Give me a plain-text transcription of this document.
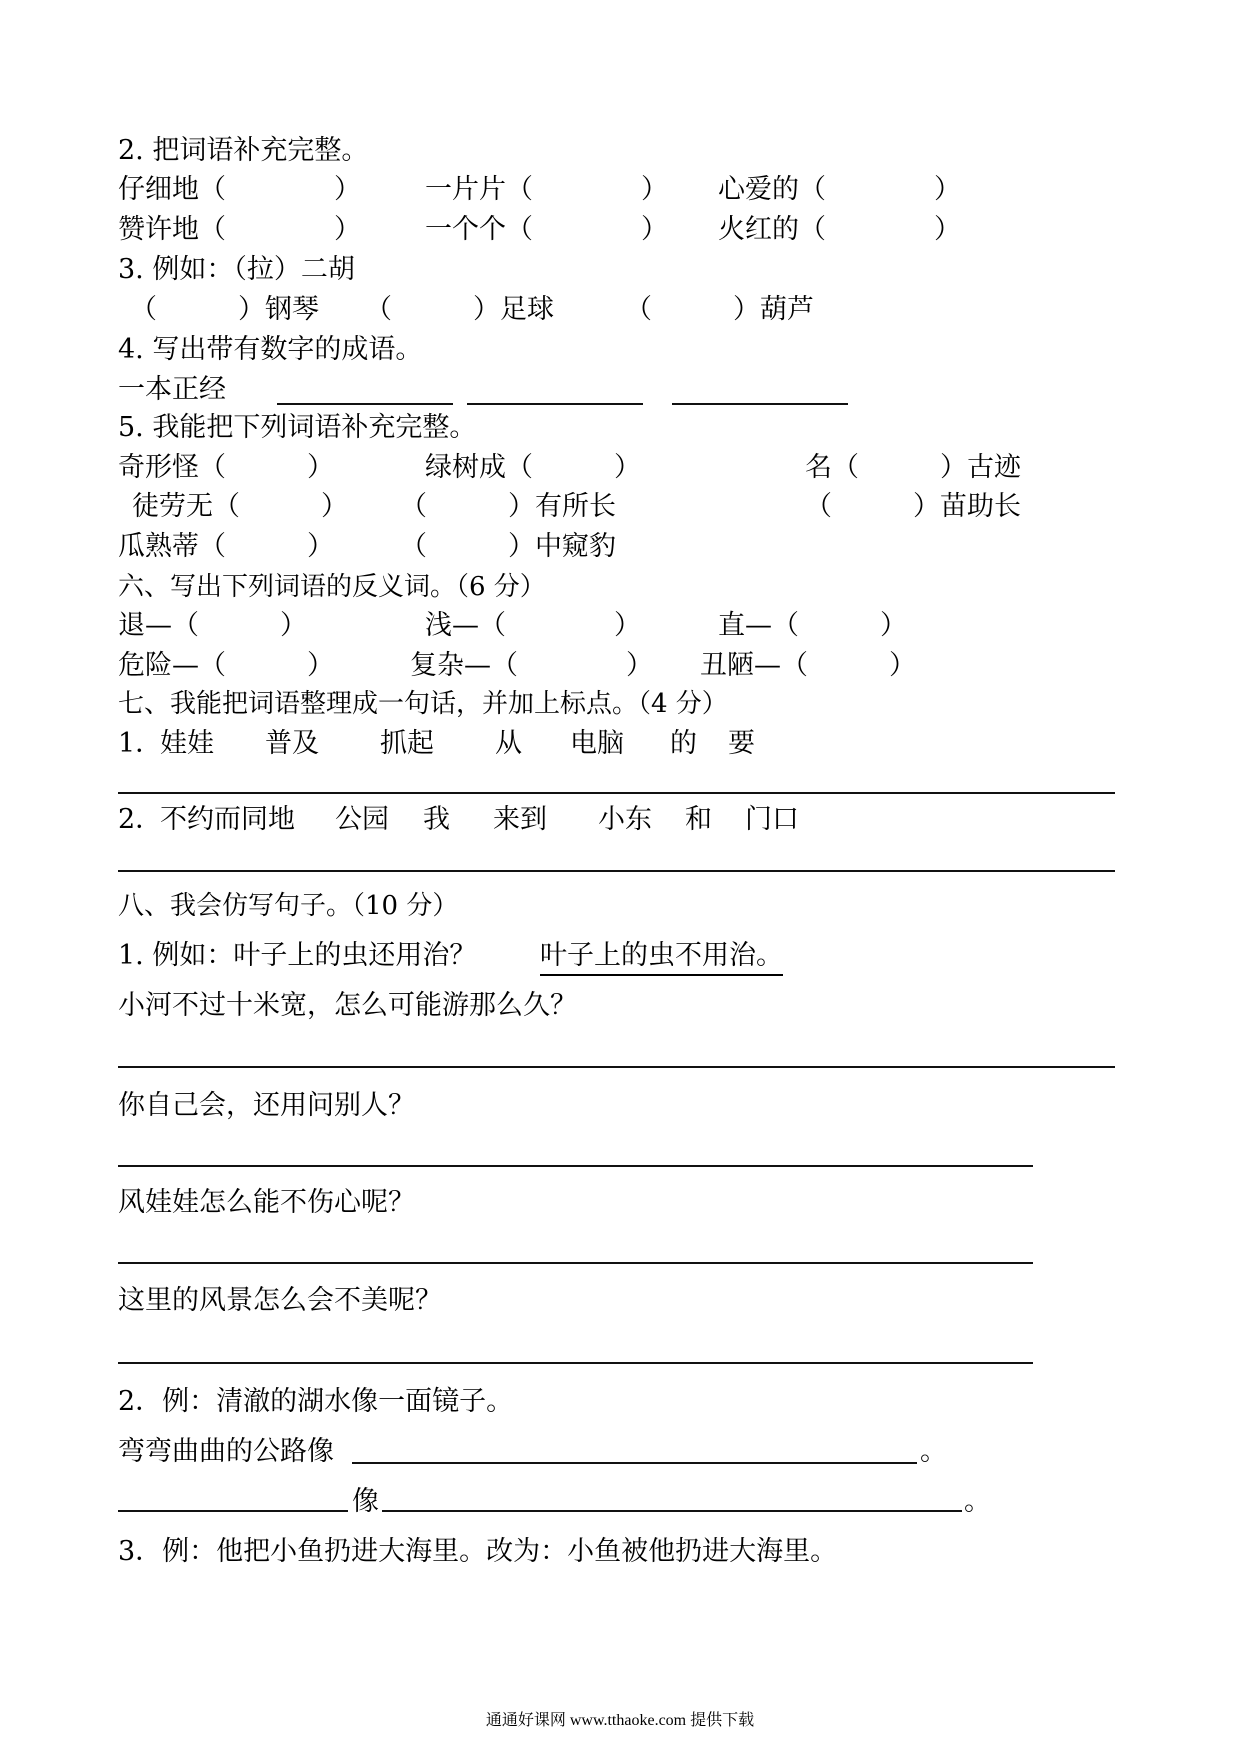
2. 把词语补充完整。
仔细地（　　　　） 一片片（　　　　） 心爱的（　　　　）
赞许地（　　　　） 一个个（　　　　） 火红的（　　　　）
3. 例如：（拉）二胡
（　　　）钢琴 （　　　）足球	（　　　）葫芦
4. 写出带有数字的成语。
一本正经
5. 我能把下列词语补充完整。
奇形怪（　　　）	绿树成（　　　）	名（　　　）古迹
徒劳无（　　　） （　　　）有所长	（　　　）苗助长
瓜熟蒂（　　　） （　　　）中窥豹
六、写出下列词语的反义词。（6 分）
退—（　　　）	浅—（　　　　）	直—（　　　）
危险—（　　　）	复杂—（　　　　） 丑陋—（　　　）
七、我能把词语整理成一句话，并加上标点。（4 分）
1．
娃娃 普及 抓起 从 电脑 的 要
2．
不约而同地 公园 我 来到 小东 和 门口
八、我会仿写句子。（10 分）
1. 例如：叶子上的虫还用治？ 叶子上的虫不用治。
小河不过十米宽，怎么可能游那么久？
你自己会，还用问别人？
风娃娃怎么能不伤心呢？
这里的风景怎么会不美呢？
2．例：清澈的湖水像一面镜子。
弯弯曲曲的公路像	。
像	。
3．例：他把小鱼扔进大海里。改为：小鱼被他扔进大海里。
通通好课网 www.tthaoke.com 提供下载
